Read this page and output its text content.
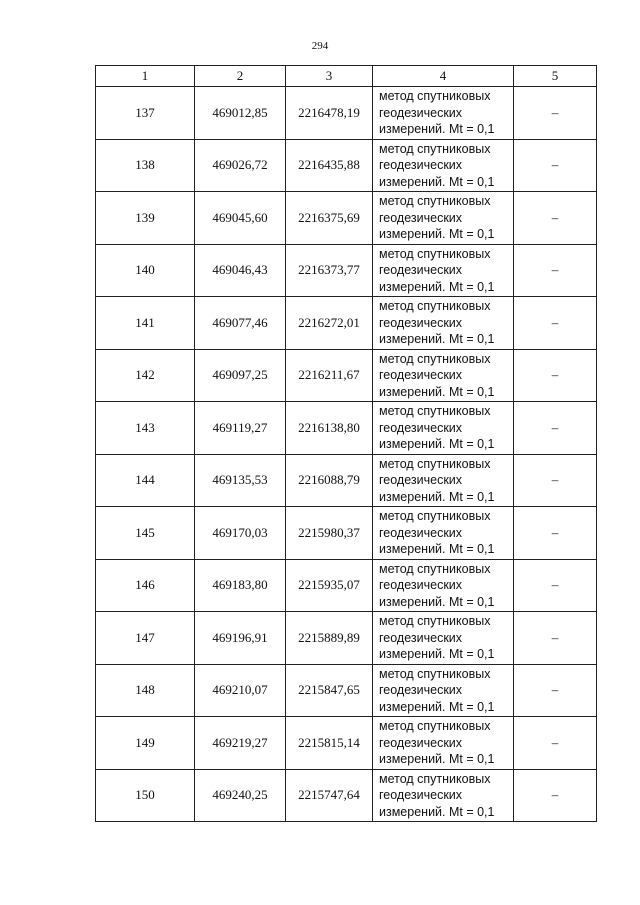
294
1	2	3	4	5
137	469012,85	2216478,19	метод спутниковых
геодезических
измерений. Mt = 0,1	–
138	469026,72	2216435,88	метод спутниковых
геодезических
измерений. Mt = 0,1	–
139	469045,60	2216375,69	метод спутниковых
геодезических
измерений. Mt = 0,1	–
140	469046,43	2216373,77	метод спутниковых
геодезических
измерений. Mt = 0,1	–
141	469077,46	2216272,01	метод спутниковых
геодезических
измерений. Mt = 0,1	–
142	469097,25	2216211,67	метод спутниковых
геодезических
измерений. Mt = 0,1	–
143	469119,27	2216138,80	метод спутниковых
геодезических
измерений. Mt = 0,1	–
144	469135,53	2216088,79	метод спутниковых
геодезических
измерений. Mt = 0,1	–
145	469170,03	2215980,37	метод спутниковых
геодезических
измерений. Mt = 0,1	–
146	469183,80	2215935,07	метод спутниковых
геодезических
измерений. Mt = 0,1	–
147	469196,91	2215889,89	метод спутниковых
геодезических
измерений. Mt = 0,1	–
148	469210,07	2215847,65	метод спутниковых
геодезических
измерений. Mt = 0,1	–
149	469219,27	2215815,14	метод спутниковых
геодезических
измерений. Mt = 0,1	–
150	469240,25	2215747,64	метод спутниковых
геодезических
измерений. Mt = 0,1	–
